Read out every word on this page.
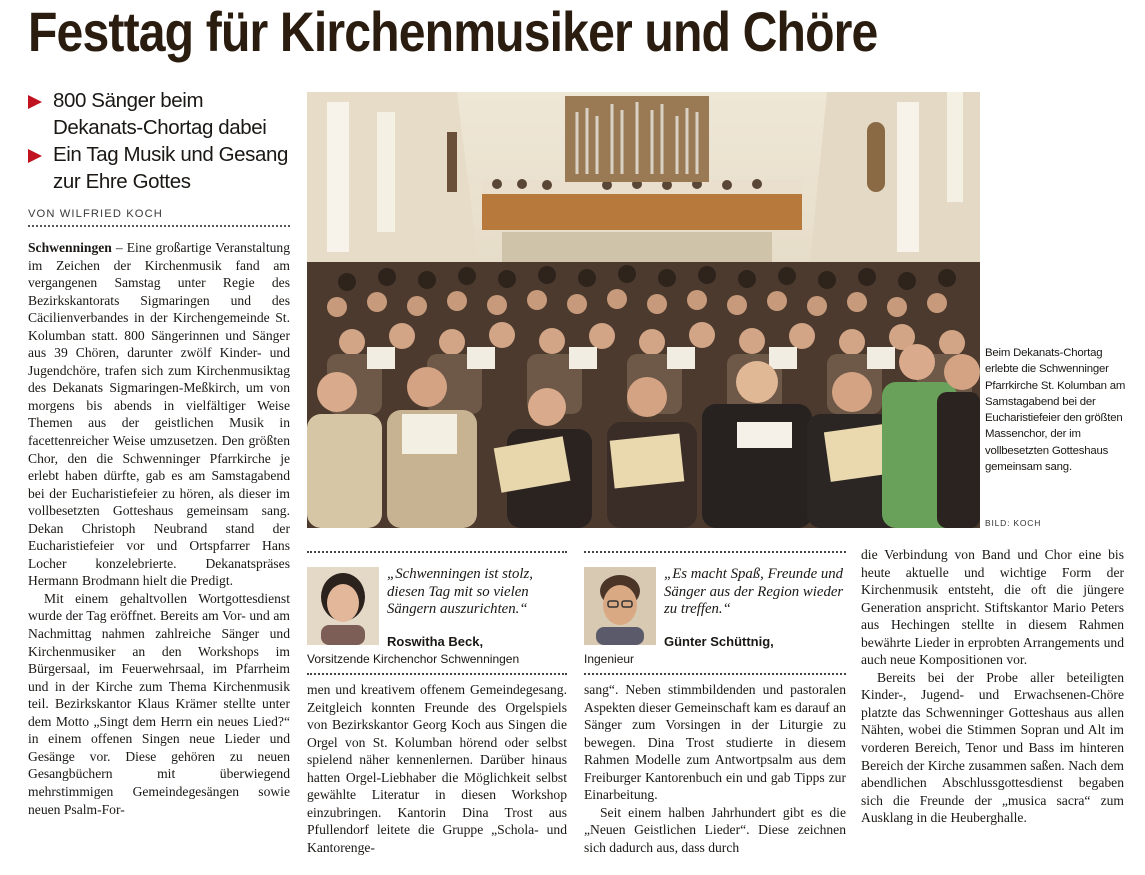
Festtag für Kirchenmusiker und Chöre
800 Sänger beim Dekanats-Chortag dabei
Ein Tag Musik und Gesang zur Ehre Gottes
VON WILFRIED KOCH

Schwenningen – Eine großartige Veranstaltung im Zeichen der Kirchenmusik fand am vergangenen Samstag unter Regie des Bezirkskantorats Sigmaringen und des Cäcilienverbandes in der Kirchengemeinde St. Kolumban statt. 800 Sängerinnen und Sänger aus 39 Chören, darunter zwölf Kinder- und Jugendchöre, trafen sich zum Kirchenmusiktag des Dekanats Sigmaringen-Meßkirch, um von morgens bis abends in vielfältiger Weise Themen aus der geistlichen Musik in facettenreicher Weise umzusetzen. Den größten Chor, den die Schwenninger Pfarrkirche je erlebt haben dürfte, gab es am Samstagabend bei der Eucharistiefeier zu hören, als dieser im vollbesetzten Gotteshaus gemeinsam sang. Dekan Christoph Neubrand stand der Eucharistiefeier vor und Ortspfarrer Hans Locher konzelebrierte. Dekanatspräses Hermann Brodmann hielt die Predigt.

Mit einem gehaltvollen Wortgottesdienst wurde der Tag eröffnet. Bereits am Vor- und am Nachmittag nahmen zahlreiche Sänger und Kirchenmusiker an den Workshops im Bürgersaal, im Feuerwehrsaal, im Pfarrheim und in der Kirche zum Thema Kirchenmusik teil. Bezirkskantor Klaus Krämer stellte unter dem Motto „Singt dem Herrn ein neues Lied?“ in einem offenen Singen neue Lieder und Gesänge vor. Diese gehören zu neuen Gesangbüchern mit überwiegend mehrstimmigen Gemeindegesängen sowie neuen Psalm-For-

Beim Dekanats-Chortag erlebte die Schwenninger Pfarrkirche St. Kolumban am Samstagabend bei der Eucharistiefeier den größten Massenchor, der im vollbesetzten Gotteshaus gemeinsam sang.
BILD: KOCH
„Schwenningen ist stolz, diesen Tag mit so vielen Sängern auszurichten.“
Roswitha Beck,
Vorsitzende Kirchenchor Schwenningen
„Es macht Spaß, Freunde und Sänger aus der Region wieder zu treffen.“
Günter Schüttnig,
Ingenieur

men und kreativem offenem Gemeindegesang. Zeitgleich konnten Freunde des Orgelspiels von Bezirkskantor Georg Koch aus Singen die Orgel von St. Kolumban hörend oder selbst spielend näher kennenlernen. Darüber hinaus hatten Orgel-Liebhaber die Möglichkeit selbst gewählte Literatur in diesen Workshop einzubringen. Kantorin Dina Trost aus Pfullendorf leitete die Gruppe „Schola- und Kantorenge-

sang“. Neben stimmbildenden und pastoralen Aspekten dieser Gemeinschaft kam es darauf an Sänger zum Vorsingen in der Liturgie zu bewegen. Dina Trost studierte in diesem Rahmen Modelle zum Antwortpsalm aus dem Freiburger Kantorenbuch ein und gab Tipps zur Einarbeitung.

Seit einem halben Jahrhundert gibt es die „Neuen Geistlichen Lieder“. Diese zeichnen sich dadurch aus, dass durch

die Verbindung von Band und Chor eine bis heute aktuelle und wichtige Form der Kirchenmusik entsteht, die oft die jüngere Generation anspricht. Stiftskantor Mario Peters aus Hechingen stellte in diesem Rahmen bewährte Lieder in erprobten Arrangements und auch neue Kompositionen vor.

Bereits bei der Probe aller beteiligten Kinder-, Jugend- und Erwachsenen-Chöre platzte das Schwenninger Gotteshaus aus allen Nähten, wobei die Stimmen Sopran und Alt im vorderen Bereich, Tenor und Bass im hinteren Bereich der Kirche zusammen saßen. Nach dem abendlichen Abschlussgottesdienst begaben sich die Freunde der „musica sacra“ zum Ausklang in die Heuberghalle.
